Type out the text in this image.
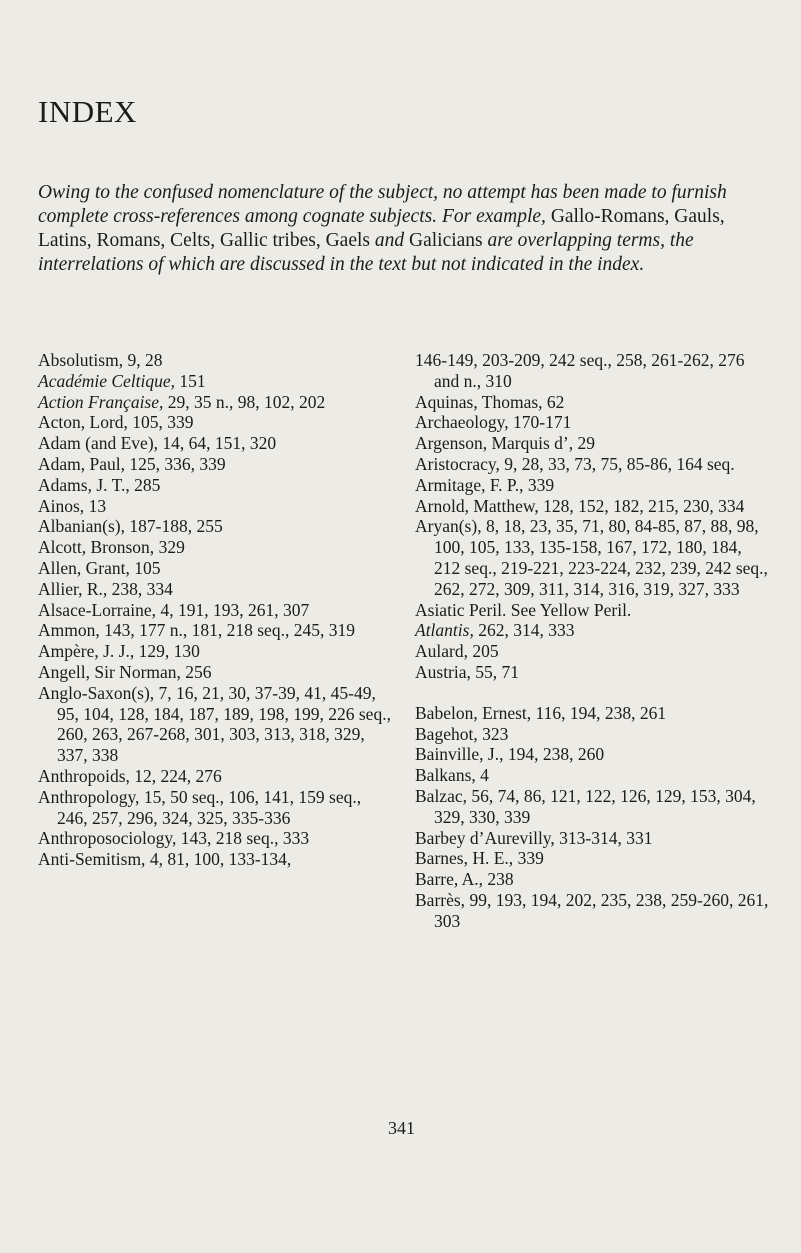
INDEX

Owing to the confused nomenclature of the subject, no attempt has been made to furnish complete cross-references among cognate subjects. For example, Gallo-Romans, Gauls, Latins, Romans, Celts, Gallic tribes, Gaels and Galicians are overlapping terms, the interrelations of which are discussed in the text but not indicated in the index.

Absolutism, 9, 28

Académie Celtique, 151

Action Française, 29, 35 n., 98, 102, 202

Acton, Lord, 105, 339

Adam (and Eve), 14, 64, 151, 320

Adam, Paul, 125, 336, 339

Adams, J. T., 285

Ainos, 13

Albanian(s), 187-188, 255

Alcott, Bronson, 329

Allen, Grant, 105

Allier, R., 238, 334

Alsace-Lorraine, 4, 191, 193, 261, 307

Ammon, 143, 177 n., 181, 218 seq., 245, 319

Ampère, J. J., 129, 130

Angell, Sir Norman, 256

Anglo-Saxon(s), 7, 16, 21, 30, 37-39, 41, 45-49, 95, 104, 128, 184, 187, 189, 198, 199, 226 seq., 260, 263, 267-268, 301, 303, 313, 318, 329, 337, 338

Anthropoids, 12, 224, 276

Anthropology, 15, 50 seq., 106, 141, 159 seq., 246, 257, 296, 324, 325, 335-336

Anthroposociology, 143, 218 seq., 333

Anti-Semitism, 4, 81, 100, 133-134,

146-149, 203-209, 242 seq., 258, 261-262, 276 and n., 310

Aquinas, Thomas, 62

Archaeology, 170-171

Argenson, Marquis d’, 29

Aristocracy, 9, 28, 33, 73, 75, 85-86, 164 seq.

Armitage, F. P., 339

Arnold, Matthew, 128, 152, 182, 215, 230, 334

Aryan(s), 8, 18, 23, 35, 71, 80, 84-85, 87, 88, 98, 100, 105, 133, 135-158, 167, 172, 180, 184, 212 seq., 219-221, 223-224, 232, 239, 242 seq., 262, 272, 309, 311, 314, 316, 319, 327, 333

Asiatic Peril. See Yellow Peril.

Atlantis, 262, 314, 333

Aulard, 205

Austria, 55, 71

Babelon, Ernest, 116, 194, 238, 261

Bagehot, 323

Bainville, J., 194, 238, 260

Balkans, 4

Balzac, 56, 74, 86, 121, 122, 126, 129, 153, 304, 329, 330, 339

Barbey d’Aurevilly, 313-314, 331

Barnes, H. E., 339

Barre, A., 238

Barrès, 99, 193, 194, 202, 235, 238, 259-260, 261, 303

341
